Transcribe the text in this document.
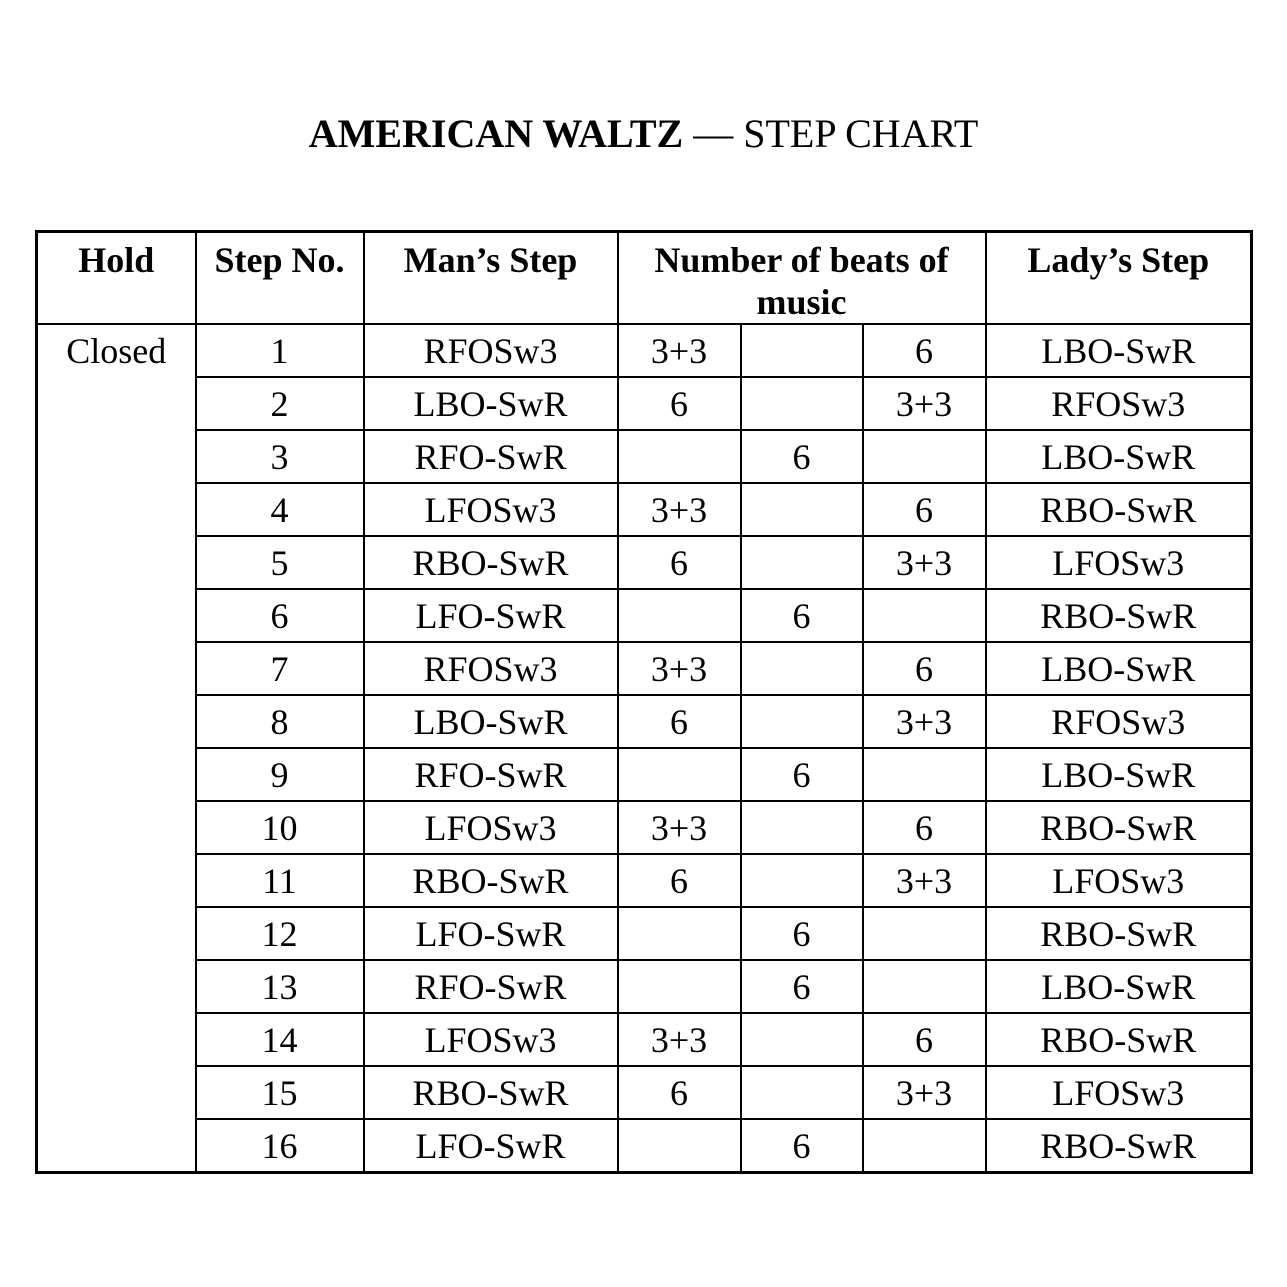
AMERICAN WALTZ — STEP CHART
Hold	Step No.	Man’s Step	Number of beats of music			Lady’s Step
Closed	1	RFOSw3	3+3		6	LBO-SwR
	2	LBO-SwR	6		3+3	RFOSw3
	3	RFO-SwR		6		LBO-SwR
	4	LFOSw3	3+3		6	RBO-SwR
	5	RBO-SwR	6		3+3	LFOSw3
	6	LFO-SwR		6		RBO-SwR
	7	RFOSw3	3+3		6	LBO-SwR
	8	LBO-SwR	6		3+3	RFOSw3
	9	RFO-SwR		6		LBO-SwR
	10	LFOSw3	3+3		6	RBO-SwR
	11	RBO-SwR	6		3+3	LFOSw3
	12	LFO-SwR		6		RBO-SwR
	13	RFO-SwR		6		LBO-SwR
	14	LFOSw3	3+3		6	RBO-SwR
	15	RBO-SwR	6		3+3	LFOSw3
	16	LFO-SwR		6		RBO-SwR
